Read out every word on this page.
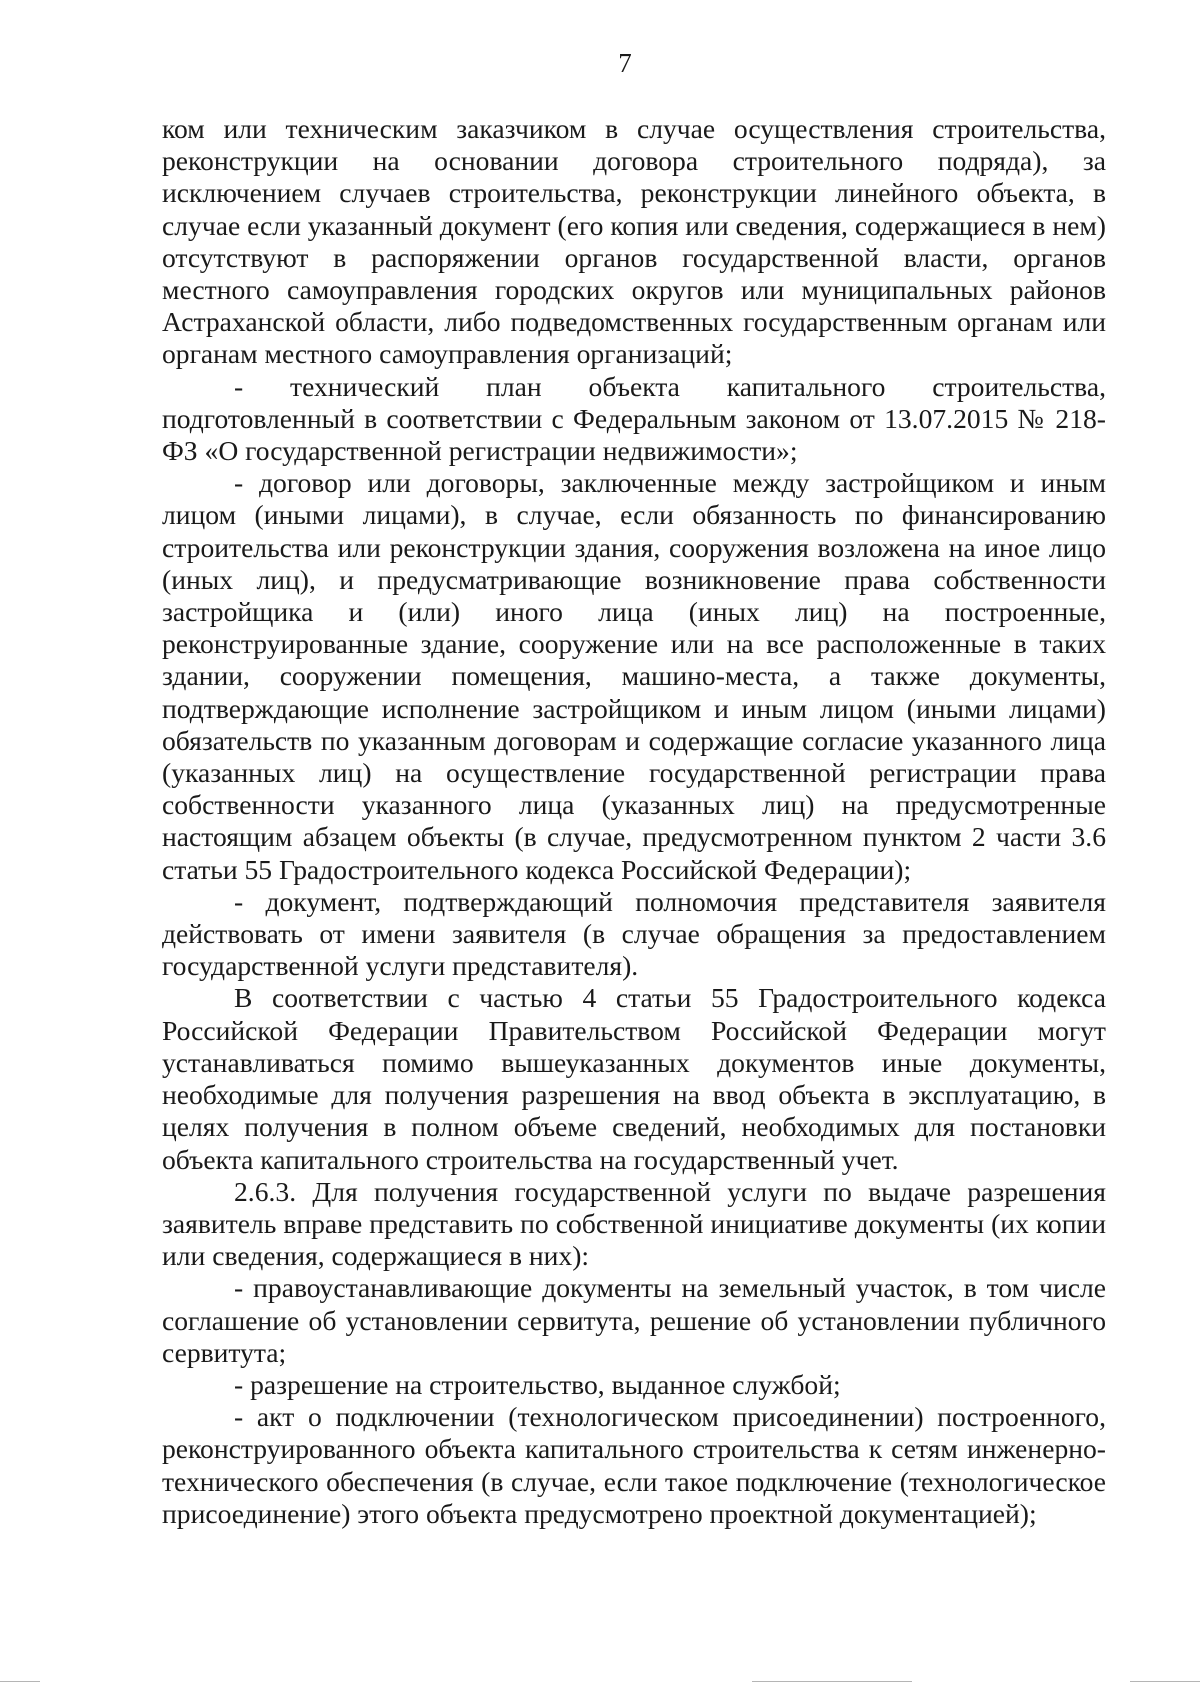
7

ком или техническим заказчиком в случае осуществления строительства, реконструкции на основании договора строительного подряда), за исключением случаев строительства, реконструкции линейного объекта, в случае если указанный документ (его копия или сведения, содержащиеся в нем) отсутствуют в распоряжении органов государственной власти, органов местного самоуправления городских округов или муниципальных районов Астраханской области, либо подведомственных государственным органам или органам местного самоуправления организаций;

- технический план объекта капитального строительства, подготовленный в соответствии с Федеральным законом от 13.07.2015 № 218-ФЗ «О государственной регистрации недвижимости»;

- договор или договоры, заключенные между застройщиком и иным лицом (иными лицами), в случае, если обязанность по финансированию строительства или реконструкции здания, сооружения возложена на иное лицо (иных лиц), и предусматривающие возникновение права собственности застройщика и (или) иного лица (иных лиц) на построенные, реконструированные здание, сооружение или на все расположенные в таких здании, сооружении помещения, машино-места, а также документы, подтверждающие исполнение застройщиком и иным лицом (иными лицами) обязательств по указанным договорам и содержащие согласие указанного лица (указанных лиц) на осуществление государственной регистрации права собственности указанного лица (указанных лиц) на предусмотренные настоящим абзацем объекты (в случае, предусмотренном пунктом 2 части 3.6 статьи 55 Градостроительного кодекса Российской Федерации);

- документ, подтверждающий полномочия представителя заявителя действовать от имени заявителя (в случае обращения за предоставлением государственной услуги представителя).

В соответствии с частью 4 статьи 55 Градостроительного кодекса Российской Федерации Правительством Российской Федерации могут устанавливаться помимо вышеуказанных документов иные документы, необходимые для получения разрешения на ввод объекта в эксплуатацию, в целях получения в полном объеме сведений, необходимых для постановки объекта капитального строительства на государственный учет.

2.6.3. Для получения государственной услуги по выдаче разрешения заявитель вправе представить по собственной инициативе документы (их копии или сведения, содержащиеся в них):

- правоустанавливающие документы на земельный участок, в том числе соглашение об установлении сервитута, решение об установлении публичного сервитута;

- разрешение на строительство, выданное службой;

- акт о подключении (технологическом присоединении) построенного, реконструированного объекта капитального строительства к сетям инженерно-технического обеспечения (в случае, если такое подключение (технологическое присоединение) этого объекта предусмотрено проектной документацией);
